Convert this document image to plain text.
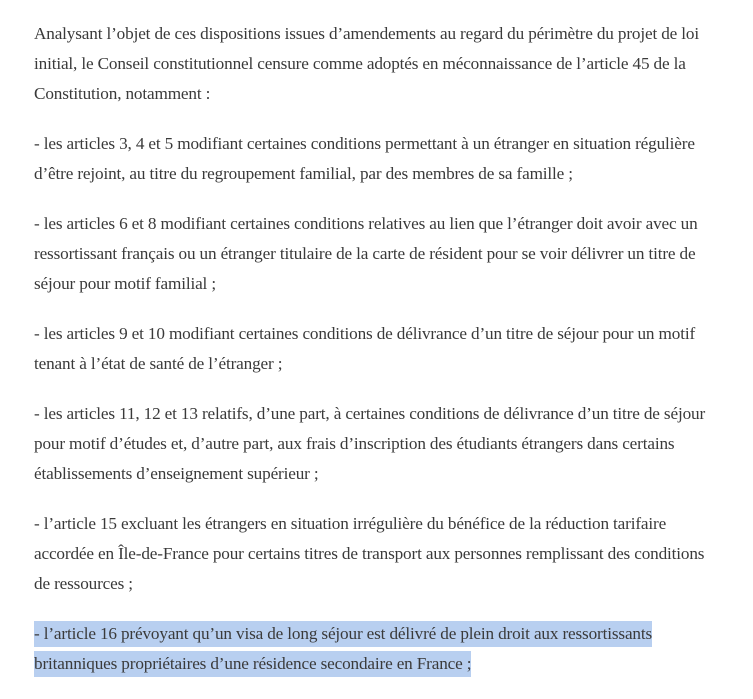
Analysant l’objet de ces dispositions issues d’amendements au regard du périmètre du projet de loi initial, le Conseil constitutionnel censure comme adoptés en méconnaissance de l’article 45 de la Constitution, notamment :

- les articles 3, 4 et 5 modifiant certaines conditions permettant à un étranger en situation régulière d’être rejoint, au titre du regroupement familial, par des membres de sa famille ;

- les articles 6 et 8 modifiant certaines conditions relatives au lien que l’étranger doit avoir avec un ressortissant français ou un étranger titulaire de la carte de résident pour se voir délivrer un titre de séjour pour motif familial ;

- les articles 9 et 10 modifiant certaines conditions de délivrance d’un titre de séjour pour un motif tenant à l’état de santé de l’étranger ;

- les articles 11, 12 et 13 relatifs, d’une part, à certaines conditions de délivrance d’un titre de séjour pour motif d’études et, d’autre part, aux frais d’inscription des étudiants étrangers dans certains établissements d’enseignement supérieur ;

- l’article 15 excluant les étrangers en situation irrégulière du bénéfice de la réduction tarifaire accordée en Île-de-France pour certains titres de transport aux personnes remplissant des conditions de ressources ;

- l’article 16 prévoyant qu’un visa de long séjour est délivré de plein droit aux ressortissants britanniques propriétaires d’une résidence secondaire en France ;
